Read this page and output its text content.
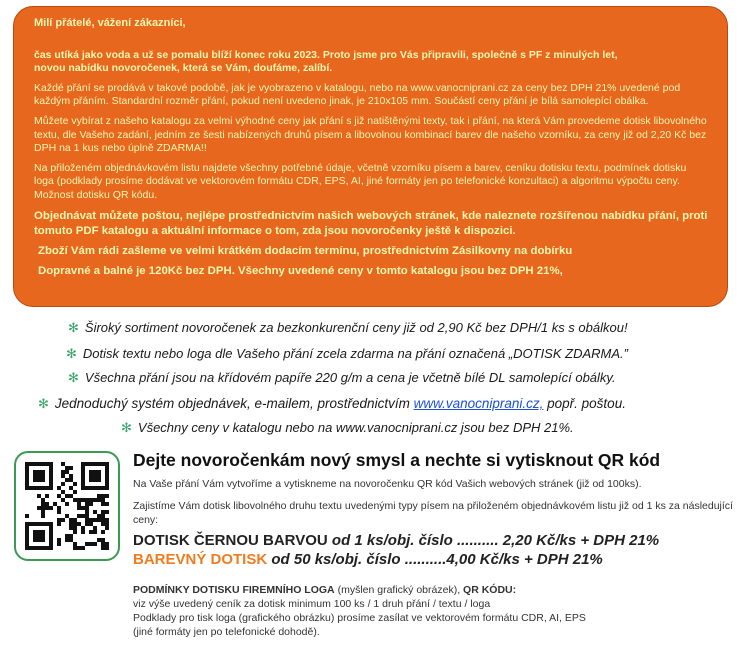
Milí přátelé, vážení zákazníci,

čas utíká jako voda a už se pomalu blíží konec roku 2023. Proto jsme pro Vás připravili, společně s PF z minulých let,
novou nabídku novoročenek, která se Vám, doufáme, zalíbí.

Každé přání se prodává v takové podobě, jak je vyobrazeno v katalogu, nebo na www.vanocniprani.cz za ceny bez DPH 21% uvedené pod každým přáním. Standardní rozměr přání, pokud není uvedeno jinak, je 210x105 mm. Součástí ceny přání je bílá samolepící obálka.

Můžete vybírat z našeho katalogu za velmi výhodné ceny jak přání s již natištěnými texty, tak i přání, na která Vám provedeme dotisk libovolného textu, dle Vašeho zadání, jedním ze šesti nabízených druhů písem a libovolnou kombinací barev dle našeho vzorníku, za ceny již od 2,20 Kč bez DPH na 1 kus nebo úplně ZDARMA!!

Na přiloženém objednávkovém listu najdete všechny potřebné údaje, včetně vzorníku písem a barev, ceníku dotisku textu, podmínek dotisku loga (podklady prosíme dodávat ve vektorovém formátu CDR, EPS, AI, jiné formáty jen po telefonické konzultaci) a algoritmu výpočtu ceny. Možnost dotisku QR kódu.

Objednávat můžete poštou, nejlépe prostřednictvím našich webových stránek, kde naleznete rozšířenou nabídku přání, proti tomuto PDF katalogu a aktuální informace o tom, zda jsou novoročenky ještě k dispozici.

Zboží Vám rádi zašleme ve velmi krátkém dodacím termínu, prostřednictvím Zásilkovny na dobírku

Dopravné a balné je 120Kč bez DPH. Všechny uvedené ceny v tomto katalogu jsou bez DPH 21%,

✻ Široký sortiment novoročenek za bezkonkurenční ceny již od 2,90 Kč bez DPH/1 ks s obálkou!
✻ Dotisk textu nebo loga dle Vašeho přání zcela zdarma na přání označená „DOTISK ZDARMA.”
✻ Všechna přání jsou na křídovém papíře 220 g/m a cena je včetně bílé DL samolepící obálky.
✻ Jednoduchý systém objednávek, e-mailem, prostřednictvím www.vanocniprani.cz, popř. poštou.
✻ Všechny ceny v katalogu nebo na www.vanocniprani.cz jsou bez DPH 21%.
Dejte novoročenkám nový smysl a nechte si vytisknout QR kód
Na Vaše přání Vám vytvoříme a vytiskneme na novoročenku QR kód Vašich webových stránek (již od 100ks).
Zajistíme Vám dotisk libovolného druhu textu uvedenými typy písem na přiloženém objednávkovém listu již od 1 ks za následující ceny:
DOTISK ČERNOU BARVOU od 1 ks/obj. číslo .......... 2,20 Kč/ks + DPH 21%
BAREVNÝ DOTISK od 50 ks/obj. číslo ..........4,00 Kč/ks + DPH 21%
PODMÍNKY DOTISKU FIREMNÍHO LOGA (myšlen grafický obrázek), QR KÓDU:
viz výše uvedený ceník za dotisk minimum 100 ks / 1 druh přání / textu / loga
Podklady pro tisk loga (grafického obrázku) prosíme zasílat ve vektorovém formátu CDR, AI, EPS
(jiné formáty jen po telefonické dohodě).
